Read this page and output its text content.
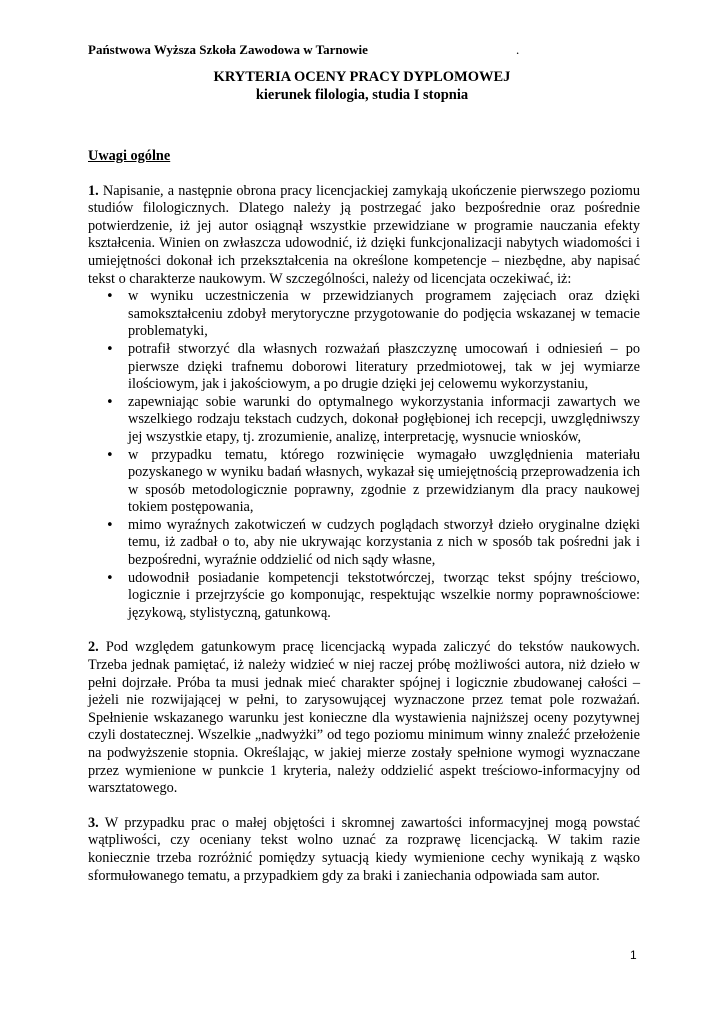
Państwowa Wyższa Szkoła Zawodowa w Tarnowie	.
KRYTERIA OCENY PRACY DYPLOMOWEJ
kierunek filologia, studia I stopnia

Uwagi ogólne

1. Napisanie, a następnie obrona pracy licencjackiej zamykają ukończenie pierwszego poziomu studiów filologicznych. Dlatego należy ją postrzegać jako bezpośrednie oraz pośrednie potwierdzenie, iż jej autor osiągnął wszystkie przewidziane w programie nauczania efekty kształcenia. Winien on zwłaszcza udowodnić, iż dzięki funkcjonalizacji nabytych wiadomości i umiejętności dokonał ich przekształcenia na określone kompetencje – niezbędne, aby napisać tekst o charakterze naukowym. W szczególności, należy od licencjata oczekiwać, iż:

• w wyniku uczestniczenia w przewidzianych programem zajęciach oraz dzięki samokształceniu zdobył merytoryczne przygotowanie do podjęcia wskazanej w temacie problematyki,
• potrafił stworzyć dla własnych rozważań płaszczyznę umocowań i odniesień – po pierwsze dzięki trafnemu doborowi literatury przedmiotowej, tak w jej wymiarze ilościowym, jak i jakościowym, a po drugie dzięki jej celowemu wykorzystaniu,
• zapewniając sobie warunki do optymalnego wykorzystania informacji zawartych we wszelkiego rodzaju tekstach cudzych, dokonał pogłębionej ich recepcji, uwzględniwszy jej wszystkie etapy, tj. zrozumienie, analizę, interpretację, wysnucie wniosków,
• w przypadku tematu, którego rozwinięcie wymagało uwzględnienia materiału pozyskanego w wyniku badań własnych, wykazał się umiejętnością przeprowadzenia ich w sposób metodologicznie poprawny, zgodnie z przewidzianym dla pracy naukowej tokiem postępowania,
• mimo wyraźnych zakotwiczeń w cudzych poglądach stworzył dzieło oryginalne dzięki temu, iż zadbał o to, aby nie ukrywając korzystania z nich w sposób tak pośredni jak i bezpośredni, wyraźnie oddzielić od nich sądy własne,
• udowodnił posiadanie kompetencji tekstotwórczej, tworząc tekst spójny treściowo, logicznie i przejrzyście go komponując, respektując wszelkie normy poprawnościowe: językową, stylistyczną, gatunkową.

2. Pod względem gatunkowym pracę licencjacką wypada zaliczyć do tekstów naukowych. Trzeba jednak pamiętać, iż należy widzieć w niej raczej próbę możliwości autora, niż dzieło w pełni dojrzałe. Próba ta musi jednak mieć charakter spójnej i logicznie zbudowanej całości – jeżeli nie rozwijającej w pełni, to zarysowującej wyznaczone przez temat pole rozważań. Spełnienie wskazanego warunku jest konieczne dla wystawienia najniższej oceny pozytywnej czyli dostatecznej. Wszelkie „nadwyżki” od tego poziomu minimum winny znaleźć przełożenie na podwyższenie stopnia. Określając, w jakiej mierze zostały spełnione wymogi wyznaczane przez wymienione w punkcie 1 kryteria, należy oddzielić aspekt treściowo-informacyjny od warsztatowego.

3. W przypadku prac o małej objętości i skromnej zawartości informacyjnej mogą powstać wątpliwości, czy oceniany tekst wolno uznać za rozprawę licencjacką. W takim razie koniecznie trzeba rozróżnić pomiędzy sytuacją kiedy wymienione cechy wynikają z wąsko sformułowanego tematu, a przypadkiem gdy za braki i zaniechania odpowiada sam autor.

1
